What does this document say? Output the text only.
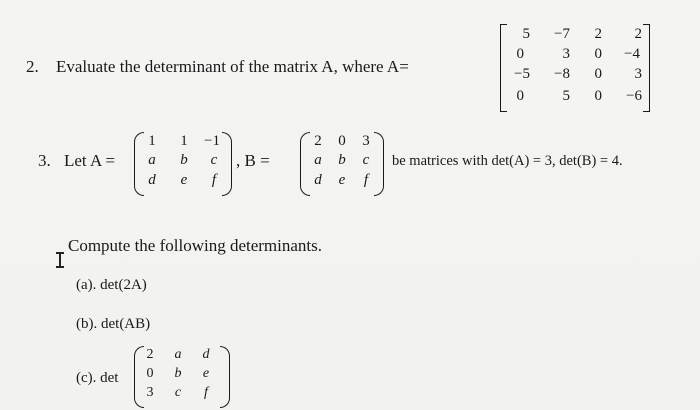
2. Evaluate the determinant of the matrix A, where A=
5	−7	2	2
0	3	0	−4
−5	−8	0	3
0	5	0	−6
3. Let A =
1 1 −1
a b	c
d	e	f
, B =
2 0 3
a b	c
d	e	f
be matrices with det(A) = 3, det(B) = 4.
Compute the following determinants.
(a). det(2A)
(b). det(AB)
(c). det
2	a	d
0	b	e
3	c	f
